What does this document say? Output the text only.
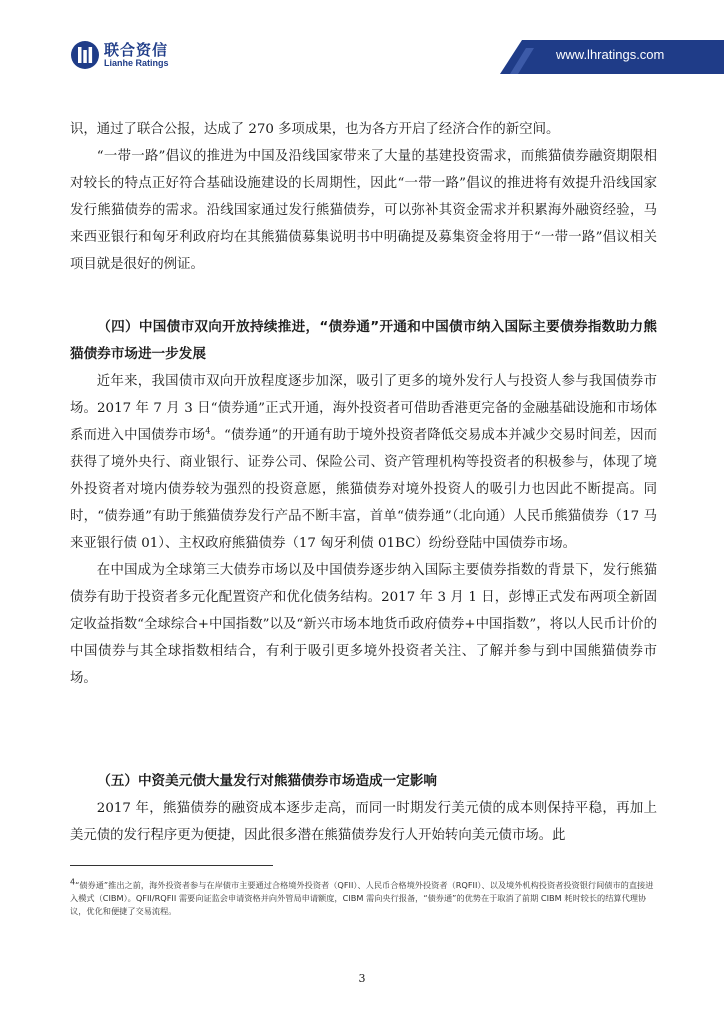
联合资信
Lianhe Ratings
www.lhratings.com

识，通过了联合公报，达成了 270 多项成果，也为各方开启了经济合作的新空间。

“一带一路”倡议的推进为中国及沿线国家带来了大量的基建投资需求，而熊猫债券融资期限相对较长的特点正好符合基础设施建设的长周期性，因此“一带一路”倡议的推进将有效提升沿线国家发行熊猫债券的需求。沿线国家通过发行熊猫债券，可以弥补其资金需求并积累海外融资经验，马来西亚银行和匈牙利政府均在其熊猫债募集说明书中明确提及募集资金将用于“一带一路”倡议相关项目就是很好的例证。

（四）中国债市双向开放持续推进，“债券通”开通和中国债市纳入国际主要债券指数助力熊猫债券市场进一步发展

近年来，我国债市双向开放程度逐步加深，吸引了更多的境外发行人与投资人参与我国债券市场。2017 年 7 月 3 日“债券通”正式开通，海外投资者可借助香港更完备的金融基础设施和市场体系而进入中国债券市场$^4$。“债券通”的开通有助于境外投资者降低交易成本并减少交易时间差，因而获得了境外央行、商业银行、证券公司、保险公司、资产管理机构等投资者的积极参与，体现了境外投资者对境内债券较为强烈的投资意愿，熊猫债券对境外投资人的吸引力也因此不断提高。同时，“债券通”有助于熊猫债券发行产品不断丰富，首单“债券通”（北向通）人民币熊猫债券（17 马来亚银行债 01）、主权政府熊猫债券（17 匈牙利债 01BC）纷纷登陆中国债券市场。

在中国成为全球第三大债券市场以及中国债券逐步纳入国际主要债券指数的背景下，发行熊猫债券有助于投资者多元化配置资产和优化债务结构。2017 年 3 月 1 日，彭博正式发布两项全新固定收益指数“全球综合+中国指数”以及“新兴市场本地货币政府债券+中国指数”，将以人民币计价的中国债券与其全球指数相结合，有利于吸引更多境外投资者关注、了解并参与到中国熊猫债券市场。

（五）中资美元债大量发行对熊猫债券市场造成一定影响

2017 年，熊猫债券的融资成本逐步走高，而同一时期发行美元债的成本则保持平稳，再加上美元债的发行程序更为便捷，因此很多潜在熊猫债券发行人开始转向美元债市场。此

$^4$“债券通”推出之前，海外投资者参与在岸债市主要通过合格境外投资者（QFII）、人民币合格境外投资者（RQFII）、以及境外机构投资者投资银行间债市的直接进入模式（CIBM）。QFII/RQFII 需要向证监会申请资格并向外管局申请额度，CIBM 需向央行报备，“债券通”的优势在于取消了前期 CIBM 耗时较长的结算代理协议，优化和便捷了交易流程。
3
